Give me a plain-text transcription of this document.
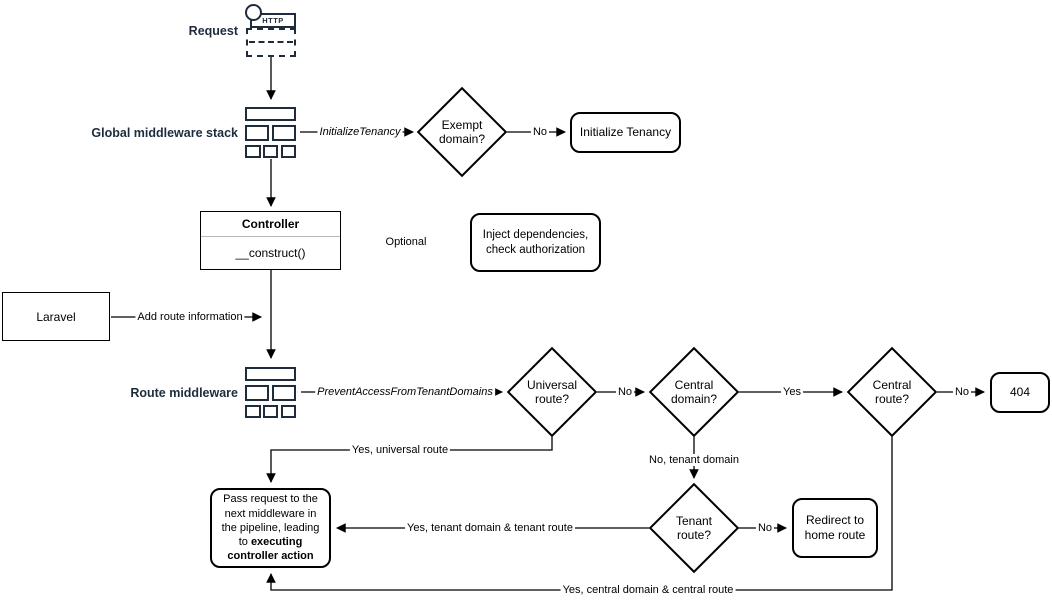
Request
Global middleware stack
Route middleware
HTTP
Exempt domain?
Universal route?
Central domain?
Central route?
Tenant route?
Initialize Tenancy
Inject dependencies, check authorization
404
Redirect to home route
Pass request to the next middleware in the pipeline, leading to executing controller action
Controller
__construct()
Laravel
InitializeTenancy	No
Optional
Add route information
PreventAccessFromTenantDomains	No	Yes	No
Yes, universal route
No, tenant domain
No
Yes, tenant domain & tenant route
Yes, central domain & central route
